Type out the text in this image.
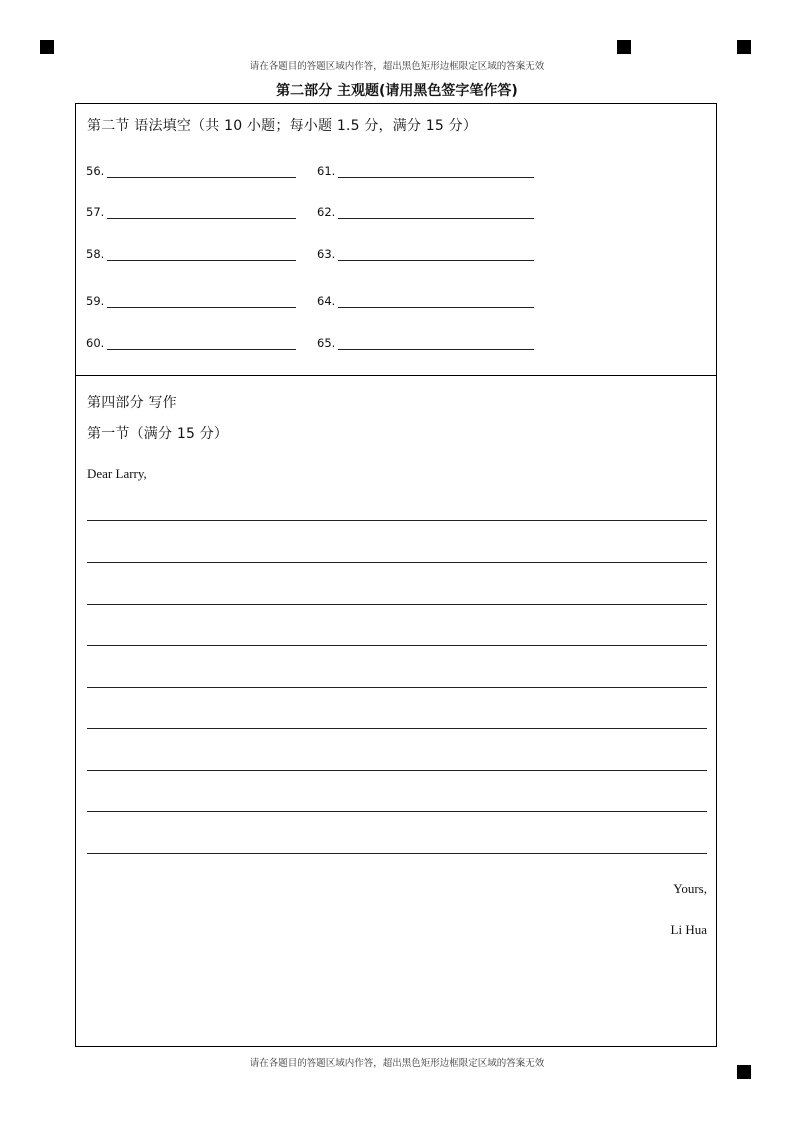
请在各题目的答题区域内作答，超出黑色矩形边框限定区域的答案无效
第二部分 主观题(请用黑色签字笔作答)
第二节 语法填空（共 10 小题；每小题 1.5 分，满分 15 分）
56.
57.
58.
59.
60.
61.
62.
63.
64.
65.
第四部分 写作
第一节（满分 15 分）
Dear Larry,
Yours,
Li Hua
请在各题目的答题区域内作答，超出黑色矩形边框限定区域的答案无效
